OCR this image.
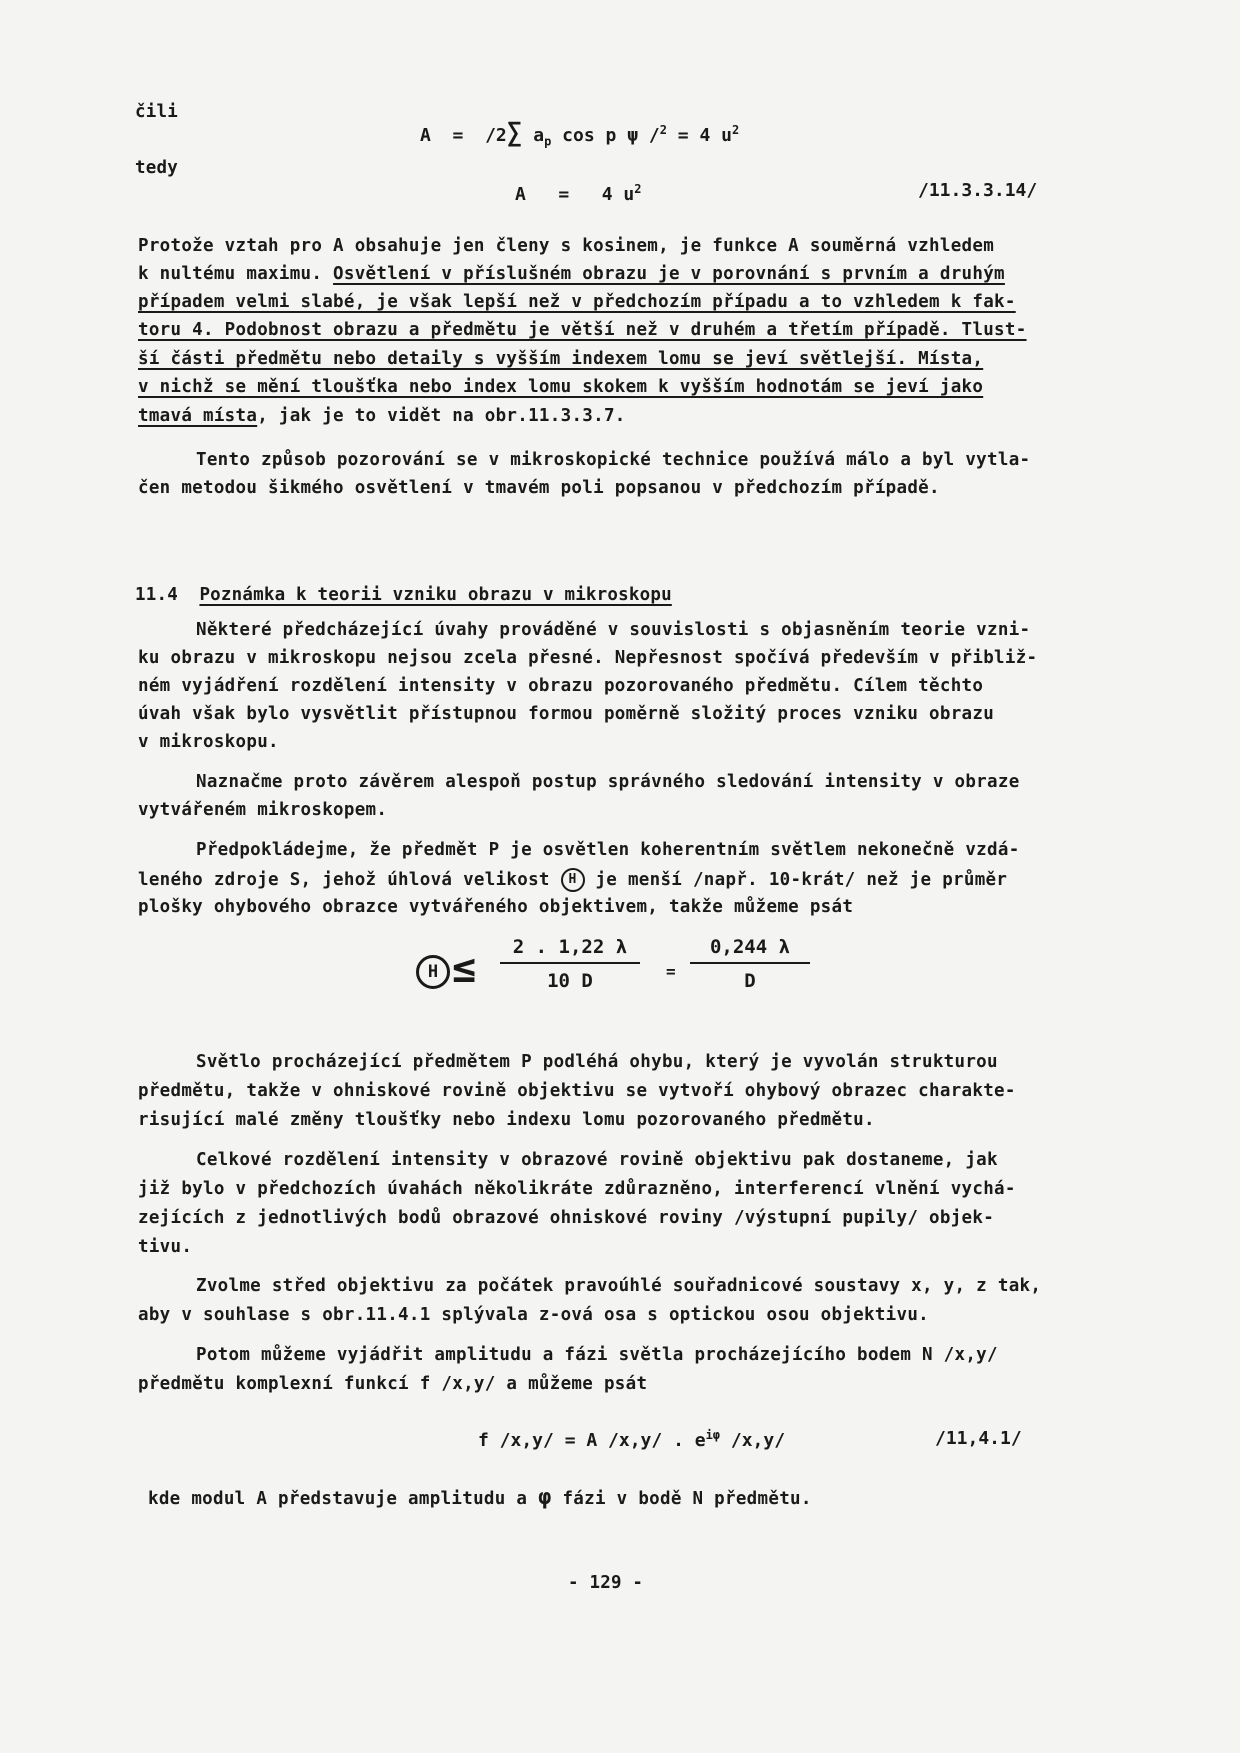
čili
A = /2∑ $a_p$ cos p ψ /$^2$ = 4 $u^2$
tedy
A = 4 $u^2$	/11.3.3.14/
Protože vztah pro A obsahuje jen členy s kosinem, je funkce A souměrná vzhledem
k nultému maximu. Osvětlení v příslušném obrazu je v porovnání s prvním a druhým
případem velmi slabé, je však lepší než v předchozím případu a to vzhledem k fak-
toru 4. Podobnost obrazu a předmětu je větší než v druhém a třetím případě. Tlust-
ší části předmětu nebo detaily s vyšším indexem lomu se jeví světlejší. Místa,
v nichž se mění tloušťka nebo index lomu skokem k vyšším hodnotám se jeví jako
tmavá místa, jak je to vidět na obr.11.3.3.7.
Tento způsob pozorování se v mikroskopické technice používá málo a byl vytla-
čen metodou šikmého osvětlení v tmavém poli popsanou v předchozím případě.
11.4 Poznámka k teorii vzniku obrazu v mikroskopu
Některé předcházející úvahy prováděné v souvislosti s objasněním teorie vzni-
ku obrazu v mikroskopu nejsou zcela přesné. Nepřesnost spočívá především v přibliž-
ném vyjádření rozdělení intensity v obrazu pozorovaného předmětu. Cílem těchto
úvah však bylo vysvětlit přístupnou formou poměrně složitý proces vzniku obrazu
v mikroskopu.
Naznačme proto závěrem alespoň postup správného sledování intensity v obraze
vytvářeném mikroskopem.
Předpokládejme, že předmět P je osvětlen koherentním světlem nekonečně vzdá-
leného zdroje S, jehož úhlová velikost H je menší /např. 10-krát/ než je průměr
plošky ohybového obrazce vytvářeného objektivem, takže můžeme psát
$H \le \frac{2 . 1,22 \lambda}{10 D} = \frac{0,244 \lambda}{D}$
Světlo procházející předmětem P podléhá ohybu, který je vyvolán strukturou
předmětu, takže v ohniskové rovině objektivu se vytvoří ohybový obrazec charakte-
risující malé změny tloušťky nebo indexu lomu pozorovaného předmětu.
Celkové rozdělení intensity v obrazové rovině objektivu pak dostaneme, jak
již bylo v předchozích úvahách několikráte zdůrazněno, interferencí vlnění vychá-
zejících z jednotlivých bodů obrazové ohniskové roviny /výstupní pupily/ objek-
tivu.
Zvolme střed objektivu za počátek pravoúhlé souřadnicové soustavy x, y, z tak,
aby v souhlase s obr.11.4.1 splývala z-ová osa s optickou osou objektivu.
Potom můžeme vyjádřit amplitudu a fázi světla procházejícího bodem N /x,y/
předmětu komplexní funkcí f /x,y/ a můžeme psát
f /x,y/ = A /x,y/ . $e^{i\varphi}$ /x,y/	/11,4.1/
kde modul A představuje amplitudu a φ fázi v bodě N předmětu.
- 129 -
